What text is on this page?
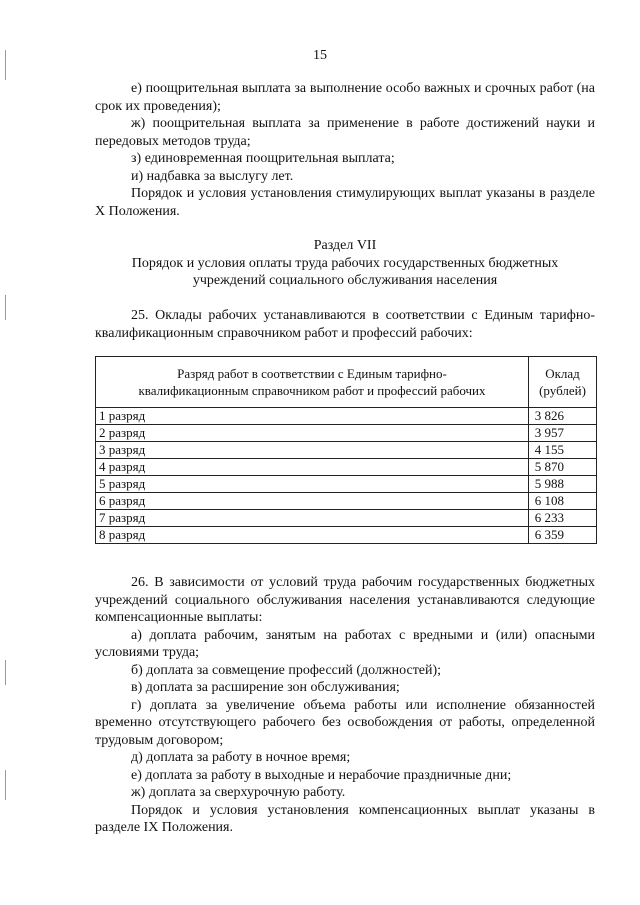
15

е) поощрительная выплата за выполнение особо важных и срочных работ (на срок их проведения);

ж) поощрительная выплата за применение в работе достижений науки и передовых методов труда;

з) единовременная поощрительная выплата;

и) надбавка за выслугу лет.

Порядок и условия установления стимулирующих выплат указаны в разделе X Положения.

Раздел VII

Порядок и условия оплаты труда рабочих государственных бюджетных

учреждений социального обслуживания населения

25. Оклады рабочих устанавливаются в соответствии с Единым тарифно-квалификационным справочником работ и профессий рабочих:

Разряд работ в соответствии с Единым тарифно-квалификационным справочником работ и профессий рабочих	Оклад (рублей)
1 разряд	3 826
2 разряд	3 957
3 разряд	4 155
4 разряд	5 870
5 разряд	5 988
6 разряд	6 108
7 разряд	6 233
8 разряд	6 359

26. В зависимости от условий труда рабочим государственных бюджетных учреждений социального обслуживания населения устанавливаются следующие компенсационные выплаты:

а) доплата рабочим, занятым на работах с вредными и (или) опасными условиями труда;

б) доплата за совмещение профессий (должностей);

в) доплата за расширение зон обслуживания;

г) доплата за увеличение объема работы или исполнение обязанностей временно отсутствующего рабочего без освобождения от работы, определенной трудовым договором;

д) доплата за работу в ночное время;

е) доплата за работу в выходные и нерабочие праздничные дни;

ж) доплата за сверхурочную работу.

Порядок и условия установления компенсационных выплат указаны в разделе IX Положения.
